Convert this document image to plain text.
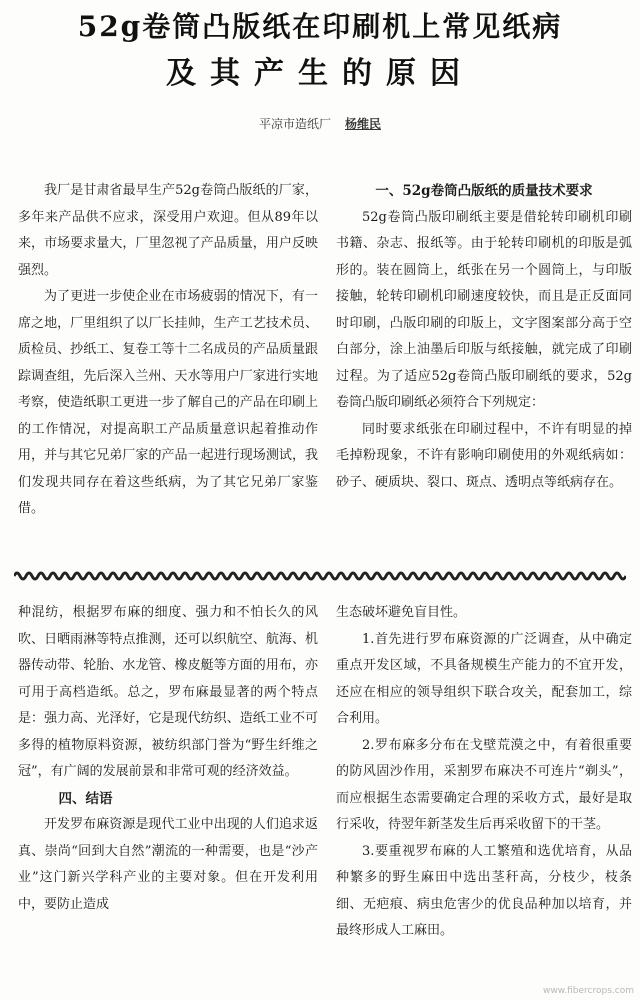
52g卷筒凸版纸在印刷机上常见纸病
及其产生的原因
平凉市造纸厂 杨维民

我厂是甘肃省最早生产52g卷筒凸版纸的厂家，多年来产品供不应求，深受用户欢迎。但从89年以来，市场要求量大，厂里忽视了产品质量，用户反映强烈。

为了更进一步使企业在市场疲弱的情况下，有一席之地，厂里组织了以厂长挂帅，生产工艺技术员、质检员、抄纸工、复卷工等十二名成员的产品质量跟踪调查组，先后深入兰州、天水等用户厂家进行实地考察，使造纸职工更进一步了解自己的产品在印刷上的工作情况，对提高职工产品质量意识起着推动作用，并与其它兄弟厂家的产品一起进行现场测试，我们发现共同存在着这些纸病，为了其它兄弟厂家鉴借。

一、52g卷筒凸版纸的质量技术要求

52g卷筒凸版印刷纸主要是借轮转印刷机印刷书籍、杂志、报纸等。由于轮转印刷机的印版是弧形的。装在圆筒上，纸张在另一个圆筒上，与印版接触，轮转印刷机印刷速度较快，而且是正反面同时印刷，凸版印刷的印版上，文字图案部分高于空白部分，涂上油墨后印版与纸接触，就完成了印刷过程。为了适应52g卷筒凸版印刷纸的要求，52g卷筒凸版印刷纸必须符合下列规定：

同时要求纸张在印刷过程中，不许有明显的掉毛掉粉现象，不许有影响印刷使用的外观纸病如：砂子、硬质块、裂口、斑点、透明点等纸病存在。

种混纺，根据罗布麻的细度、强力和不怕长久的风吹、日晒雨淋等特点推测，还可以织航空、航海、机器传动带、轮胎、水龙管、橡皮艇等方面的用布，亦可用于高档造纸。总之，罗布麻最显著的两个特点是：强力高、光泽好，它是现代纺织、造纸工业不可多得的植物原料资源，被纺织部门誉为“野生纤维之冠”，有广阔的发展前景和非常可观的经济效益。

四、结语

开发罗布麻资源是现代工业中出现的人们追求返真、崇尚“回到大自然”潮流的一种需要，也是“沙产业”这门新兴学科产业的主要对象。但在开发利用中，要防止造成

生态破坏避免盲目性。

1.首先进行罗布麻资源的广泛调查，从中确定重点开发区域，不具备规模生产能力的不宜开发，还应在相应的领导组织下联合攻关，配套加工，综合利用。

2.罗布麻多分布在戈壁荒漠之中，有着很重要的防风固沙作用，采割罗布麻决不可连片“剃头”，而应根据生态需要确定合理的采收方式，最好是取行采收，待翌年新茎发生后再采收留下的干茎。

3.要重视罗布麻的人工繁殖和选优培育，从品种繁多的野生麻田中选出茎秆高，分枝少，枝条细、无疤痕、病虫危害少的优良品种加以培育，并最终形成人工麻田。

www.fibercrops.com
